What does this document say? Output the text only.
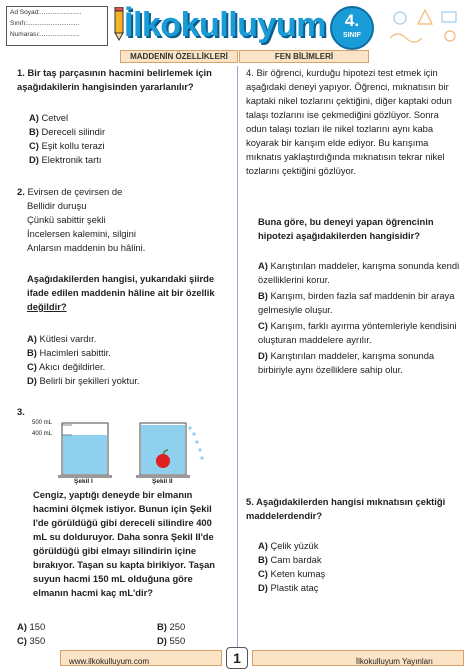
Ad Soyad:.......................
Sınıfı:.............................
Numarası:......................	İlkokulluyum	4.
SINIF
MADDENİN ÖZELLİKLERİ	FEN BİLİMLERİ
1. Bir taş parçasının hacmini belirlemek için aşağıdakilerin hangisinden yararlanılır?
A) Cetvel
B) Dereceli silindir
C) Eşit kollu terazi
D) Elektronik tartı
2. Evirsen de çevirsen de
Bellidir duruşu
Çünkü sabittir şekli
İncelersen kalemini, silgini
Anlarsın maddenin bu hâlini.
Aşağıdakilerden hangisi, yukarıdaki şiirde ifade edilen maddenin hâline ait bir özellik değildir?
A) Kütlesi vardır.
B) Hacimleri sabittir.
C) Akıcı değildirler.
D) Belirli bir şekilleri yoktur.
3.
500 mL
400 mL
Şekil I	Şekil II
Cengiz, yaptığı deneyde bir elmanın hacmini ölçmek istiyor. Bunun için Şekil I'de görüldüğü gibi dereceli silindire 400 mL su dolduruyor. Daha sonra Şekil II'de görüldüğü gibi elmayı silindirin içine bırakıyor. Taşan su kapta birikiyor. Taşan suyun hacmi 150 mL olduğuna göre elmanın hacmi kaç mL'dir?
A) 150	B) 250
C) 350	D) 550
4. Bir öğrenci, kurduğu hipotezi test etmek için aşağıdaki deneyi yapıyor. Öğrenci, mıknatısın bir kaptaki nikel tozlarını çektiğini, diğer kaptaki odun talaşı tozlarını ise çekmediğini gözlüyor. Sonra odun talaşı tozları ile nikel tozlarını aynı kaba koyarak bir karışım elde ediyor. Bu karışıma mıknatıs yaklaştırdığında mıknatısın tekrar nikel tozlarını çektiğini gözlüyor.
Buna göre, bu deneyi yapan öğrencinin hipotezi aşağıdakilerden hangisidir?
A) Karıştırılan maddeler, karışma sonunda kendi özelliklerini korur.
B) Karışım, birden fazla saf maddenin bir araya gelmesiyle oluşur.
C) Karışım, farklı ayırma yöntemleriyle kendisini oluşturan maddelere ayrılır.
D) Karıştırılan maddeler, karışma sonunda birbiriyle aynı özelliklere sahip olur.
5. Aşağıdakilerden hangisi mıknatısın çektiği maddelerdendir?
A) Çelik yüzük
B) Cam bardak
C) Keten kumaş
D) Plastik ataç
www.ilkokulluyum.com	1	İlkokulluyum Yayınları
